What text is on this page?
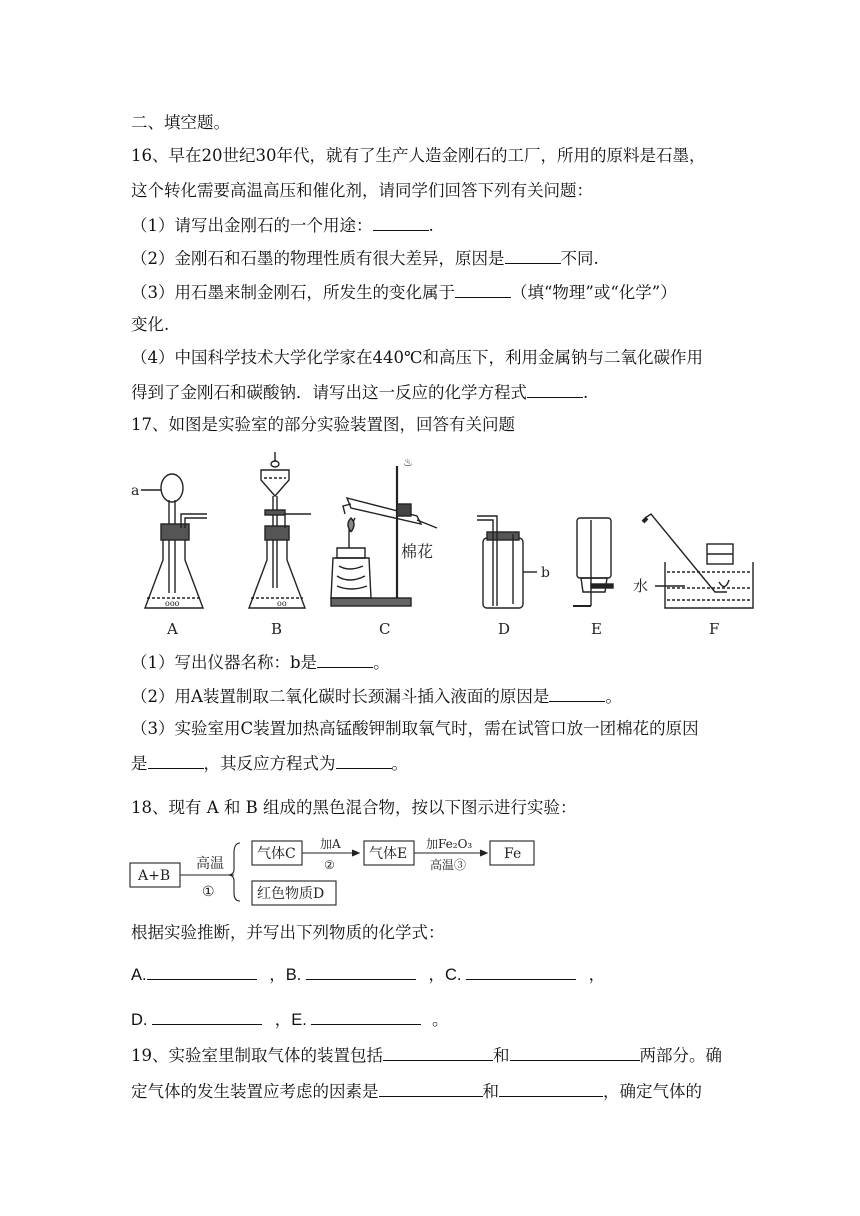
二、填空题。
16、早在20世纪30年代，就有了生产人造金刚石的工厂，所用的原料是石墨，
这个转化需要高温高压和催化剂，请同学们回答下列有关问题：
（1）请写出金刚石的一个用途：	.
（2）金刚石和石墨的物理性质有很大差异，原因是	不同.
（3）用石墨来制金刚石，所发生的变化属于	（填“物理”或“化学”）
变化.
（4）中国科学技术大学化学家在440℃和高压下，利用金属钠与二氧化碳作用
得到了金刚石和碳酸钠．请写出这一反应的化学方程式	.
17、如图是实验室的部分实验装置图，回答有关问题
a
ooo	oo
♨
棉花
b
水
A	B	C	D	E	F
（1）写出仪器名称：b是	。
（2）用A装置制取二氧化碳时长颈漏斗插入液面的原因是	。
（3）实验室用C装置加热高锰酸钾制取氧气时，需在试管口放一团棉花的原因
是	，其反应方程式为	。
18、现有 A 和 B 组成的黑色混合物，按以下图示进行实验：
A+B
高温
①
气体C
加A
②
气体E
加Fe₂O₃
高温③
Fe
红色物质D
根据实验推断，并写出下列物质的化学式：
A.	，B.	，C.	，
D.	，E.	。
19、实验室里制取气体的装置包括	和	两部分。确
定气体的发生装置应考虑的因素是	和	，确定气体的
